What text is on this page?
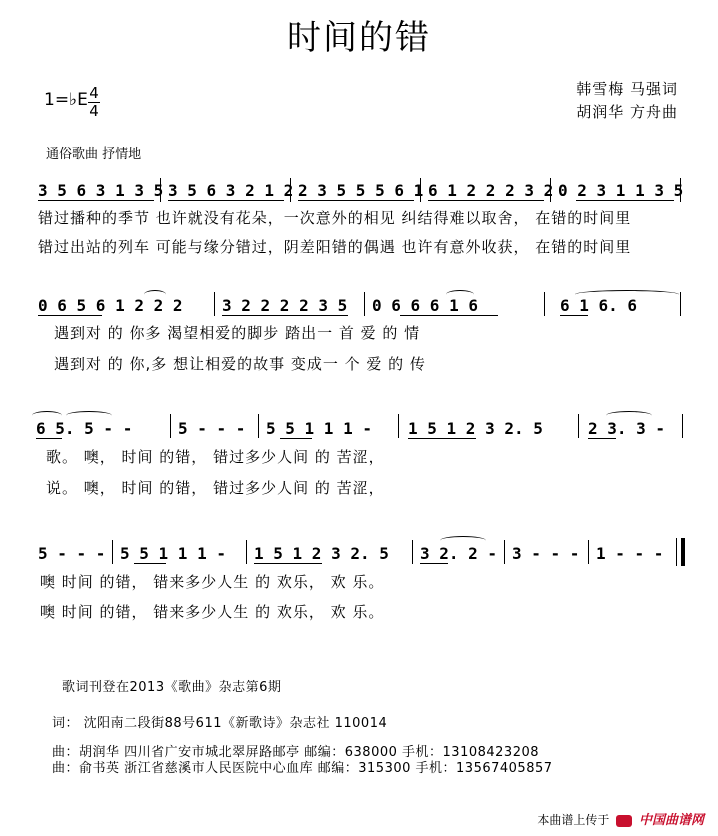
时间的错
1=♭E 4
4
韩雪梅 马强词
胡润华 方舟曲
通俗歌曲 抒情地
3 5 6 3 1 3 5 3 5 6 3 2 1 2 2 3 5 5 5 6 1 6 1 2 2 2 3 2 0 2 3 1 1 3 5
错过播种的季节 也许就没有花朵，一次意外的相见 纠结得难以取舍， 在错的时间里
错过出站的列车 可能与缘分错过，阴差阳错的偶遇 也许有意外收获， 在错的时间里
0 6 5 6 1 2 2 2 3 2 2 2 2 3 5 0 6 6 6 1 6	6 1 6. 6
遇到对 的 你多 渴望相爱的脚步 踏出一 首 爱 的 情
遇到对 的 你,多 想让相爱的故事 变成一 个 爱 的 传
6 5. 5 - -	5 - - - 5 5 1 1 1 - 1 5 1 2 3 2. 5	2 3. 3 -
歌。 噢， 时间 的错， 错过多少人间 的 苦涩，
说。 噢， 时间 的错， 错过多少人间 的 苦涩，
5 - - - 5 5 1 1 1 - 1 5 1 2 3 2. 5 3 2. 2 - 3 - - - 1 - - -
噢 时间 的错， 错来多少人生 的 欢乐， 欢 乐。
噢 时间 的错， 错来多少人生 的 欢乐， 欢 乐。
歌词刊登在2013《歌曲》杂志第6期
词： 沈阳南二段街88号611《新歌诗》杂志社 110014
曲：胡润华 四川省广安市城北翠屏路邮亭 邮编：638000 手机：13108423208
曲：俞书英 浙江省慈溪市人民医院中心血库 邮编：315300 手机：13567405857
本曲谱上传于 中国曲谱网
